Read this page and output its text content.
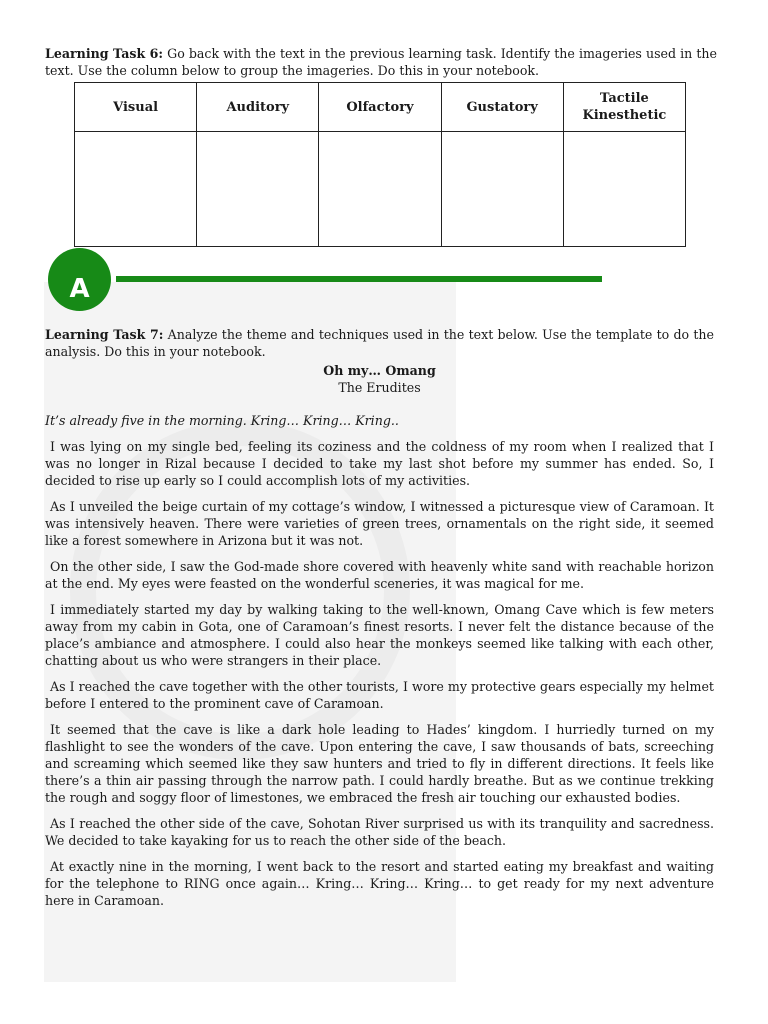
Learning Task 6: Go back with the text in the previous learning task. Identify the imageries used in the text. Use the column below to group the imageries. Do this in your notebook.
Visual	Auditory	Olfactory	Gustatory	Tactile Kinesthetic

A

Learning Task 7: Analyze the theme and techniques used in the text below. Use the template to do the analysis. Do this in your notebook.

Oh my… Omang

The Erudites

It’s already five in the morning. Kring… Kring… Kring..

I was lying on my single bed, feeling its coziness and the coldness of my room when I realized that I was no longer in Rizal because I decided to take my last shot before my summer has ended. So, I decided to rise up early so I could accomplish lots of my activities.

As I unveiled the beige curtain of my cottage’s window, I witnessed a picturesque view of Caramoan. It was intensively heaven. There were varieties of green trees, ornamentals on the right side, it seemed like a forest somewhere in Arizona but it was not.

On the other side, I saw the God-made shore covered with heavenly white sand with reachable horizon at the end. My eyes were feasted on the wonderful sceneries, it was magical for me.

I immediately started my day by walking taking to the well-known, Omang Cave which is few meters away from my cabin in Gota, one of Caramoan’s finest resorts. I never felt the distance because of the place’s ambiance and atmosphere. I could also hear the monkeys seemed like talking with each other, chatting about us who were strangers in their place.

As I reached the cave together with the other tourists, I wore my protective gears especially my helmet before I entered to the prominent cave of Caramoan.

It seemed that the cave is like a dark hole leading to Hades’ kingdom. I hurriedly turned on my flashlight to see the wonders of the cave. Upon entering the cave, I saw thousands of bats, screeching and screaming which seemed like they saw hunters and tried to fly in different directions. It feels like there’s a thin air passing through the narrow path. I could hardly breathe. But as we continue trekking the rough and soggy floor of limestones, we embraced the fresh air touching our exhausted bodies.

As I reached the other side of the cave, Sohotan River surprised us with its tranquility and sacredness. We decided to take kayaking for us to reach the other side of the beach.

At exactly nine in the morning, I went back to the resort and started eating my breakfast and waiting for the telephone to RING once again… Kring… Kring… Kring… to get ready for my next adventure here in Caramoan.
